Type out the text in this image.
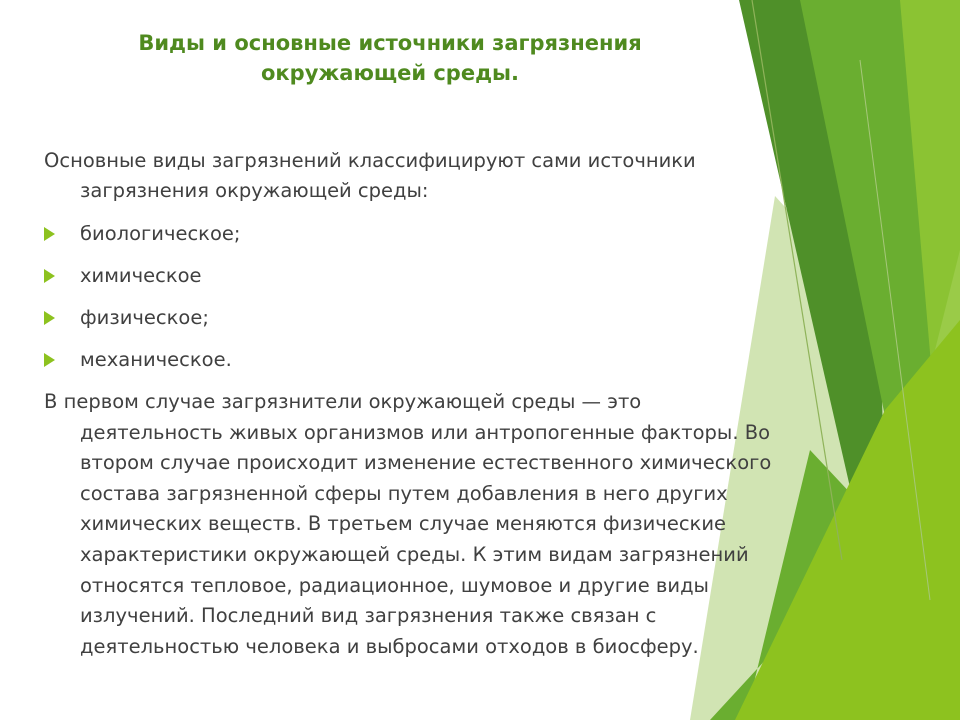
Виды и основные источники загрязнения окружающей среды.

Основные виды загрязнений классифицируют сами источники загрязнения окружающей среды:

биологическое;
химическое
физическое;
механическое.

В первом случае загрязнители окружающей среды — это деятельность живых организмов или антропогенные факторы. Во втором случае происходит изменение естественного химического состава загрязненной сферы путем добавления в него других химических веществ. В третьем случае меняются физические характеристики окружающей среды. К этим видам загрязнений относятся тепловое, радиационное, шумовое и другие виды излучений. Последний вид загрязнения также связан с деятельностью человека и выбросами отходов в биосферу.
